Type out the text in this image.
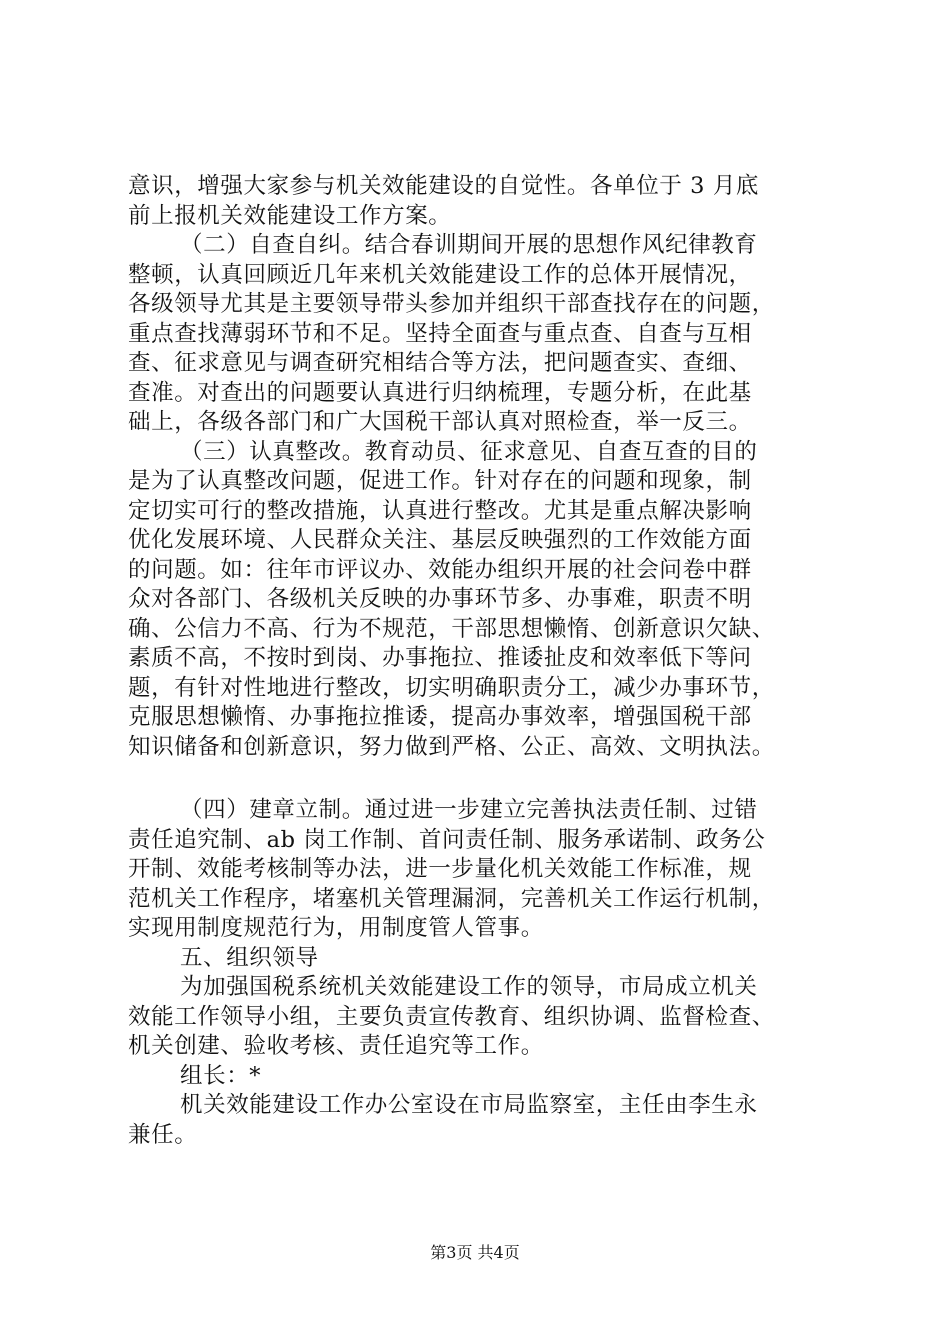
意识，增强大家参与机关效能建设的自觉性。各单位于 3 月底
前上报机关效能建设工作方案。
（二）自查自纠。结合春训期间开展的思想作风纪律教育
整顿，认真回顾近几年来机关效能建设工作的总体开展情况，
各级领导尤其是主要领导带头参加并组织干部查找存在的问题，
重点查找薄弱环节和不足。坚持全面查与重点查、自查与互相
查、征求意见与调查研究相结合等方法，把问题查实、查细、
查准。对查出的问题要认真进行归纳梳理，专题分析，在此基
础上，各级各部门和广大国税干部认真对照检查，举一反三。
（三）认真整改。教育动员、征求意见、自查互查的目的
是为了认真整改问题，促进工作。针对存在的问题和现象，制
定切实可行的整改措施，认真进行整改。尤其是重点解决影响
优化发展环境、人民群众关注、基层反映强烈的工作效能方面
的问题。如：往年市评议办、效能办组织开展的社会问卷中群
众对各部门、各级机关反映的办事环节多、办事难，职责不明
确、公信力不高、行为不规范，干部思想懒惰、创新意识欠缺、
素质不高，不按时到岗、办事拖拉、推诿扯皮和效率低下等问
题，有针对性地进行整改，切实明确职责分工，减少办事环节，
克服思想懒惰、办事拖拉推诿，提高办事效率，增强国税干部
知识储备和创新意识，努力做到严格、公正、高效、文明执法。
（四）建章立制。通过进一步建立完善执法责任制、过错
责任追究制、ab 岗工作制、首问责任制、服务承诺制、政务公
开制、效能考核制等办法，进一步量化机关效能工作标准，规
范机关工作程序，堵塞机关管理漏洞，完善机关工作运行机制，
实现用制度规范行为，用制度管人管事。
五、组织领导
为加强国税系统机关效能建设工作的领导，市局成立机关
效能工作领导小组，主要负责宣传教育、组织协调、监督检查、
机关创建、验收考核、责任追究等工作。
组长：*
机关效能建设工作办公室设在市局监察室，主任由李生永
兼任。
第3页 共4页
